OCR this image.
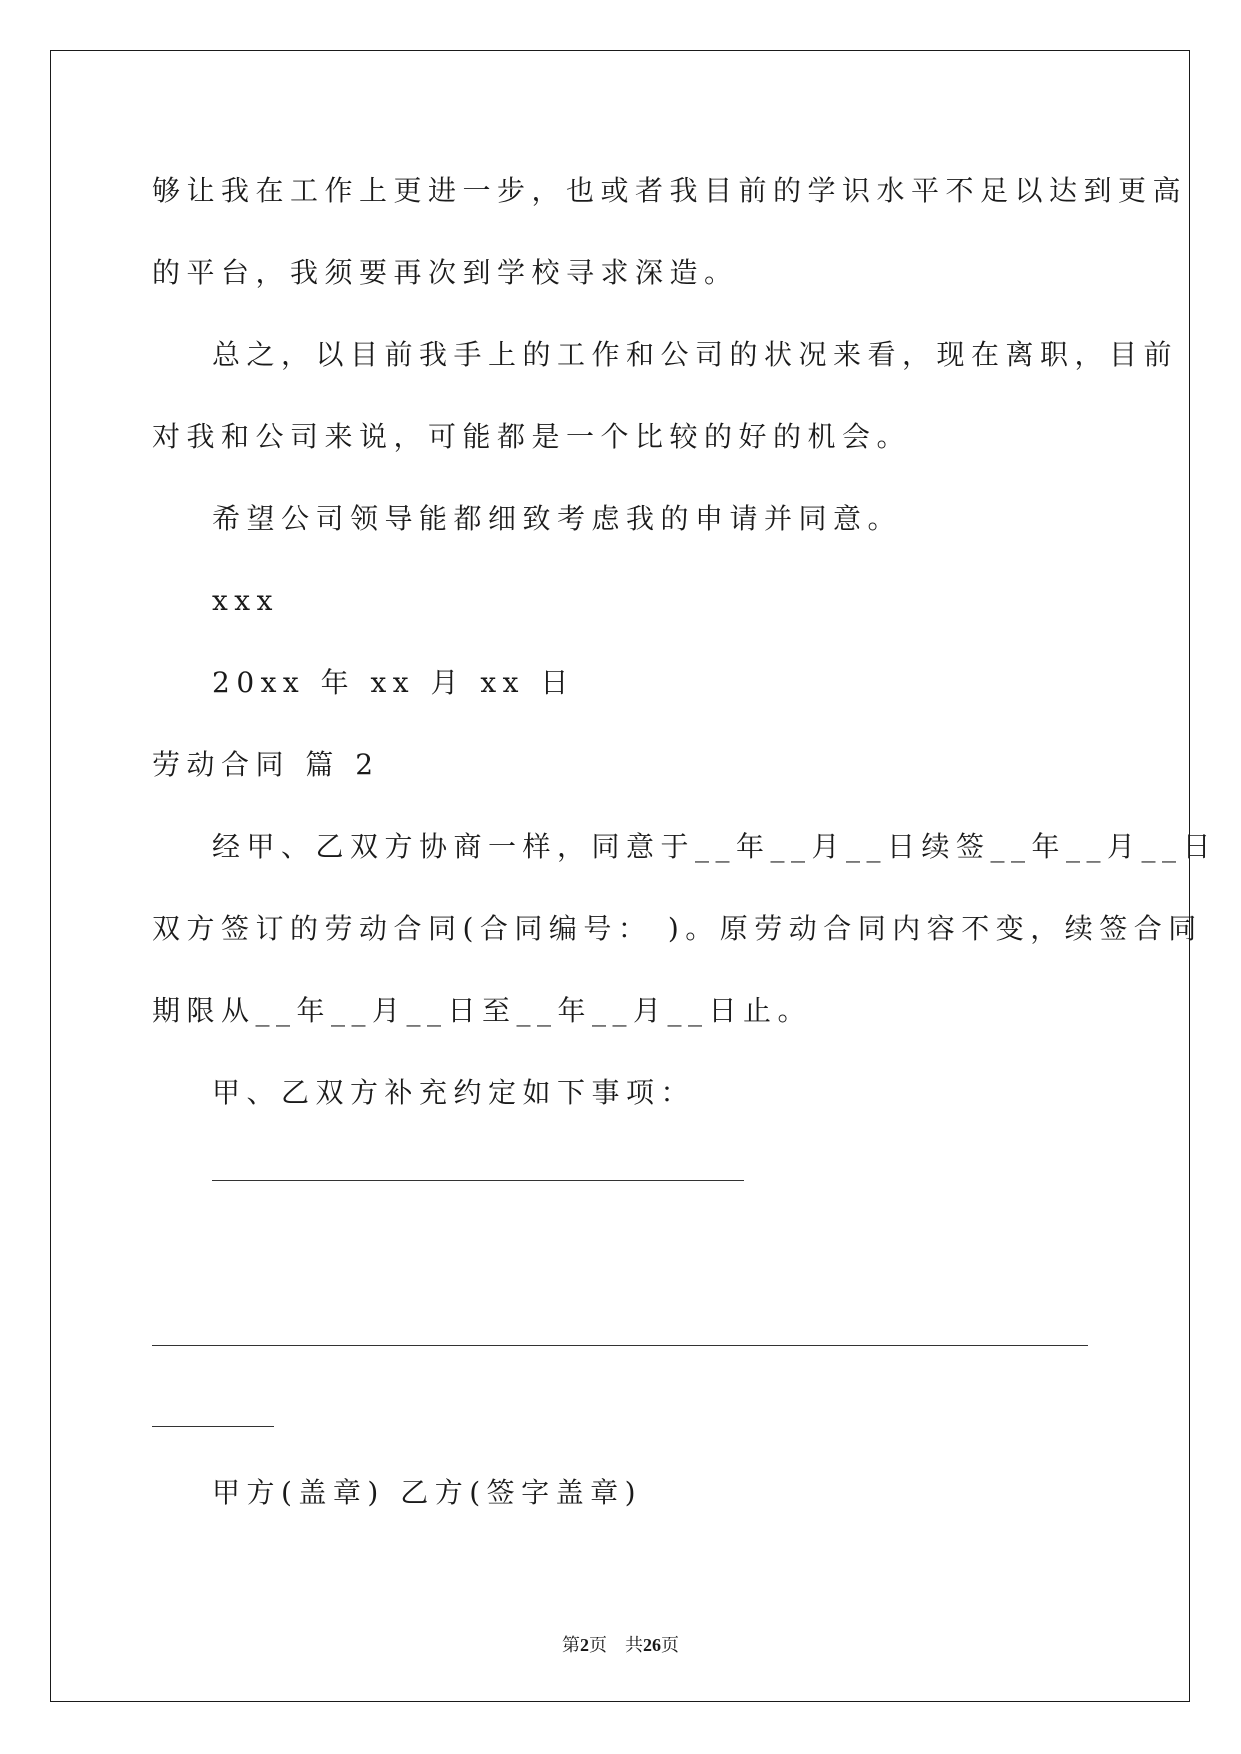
够让我在工作上更进一步，也或者我目前的学识水平不足以达到更高

的平台，我须要再次到学校寻求深造。

总之，以目前我手上的工作和公司的状况来看，现在离职，目前

对我和公司来说，可能都是一个比较的好的机会。

希望公司领导能都细致考虑我的申请并同意。

xxx

20xx 年 xx 月 xx 日

劳动合同 篇 2

经甲、乙双方协商一样，同意于__年__月__日续签__年__月__日

双方签订的劳动合同(合同编号： )。原劳动合同内容不变，续签合同

期限从__年__月__日至__年__月__日止。

甲、乙双方补充约定如下事项：

甲方(盖章) 乙方(签字盖章)

第2页　共26页
